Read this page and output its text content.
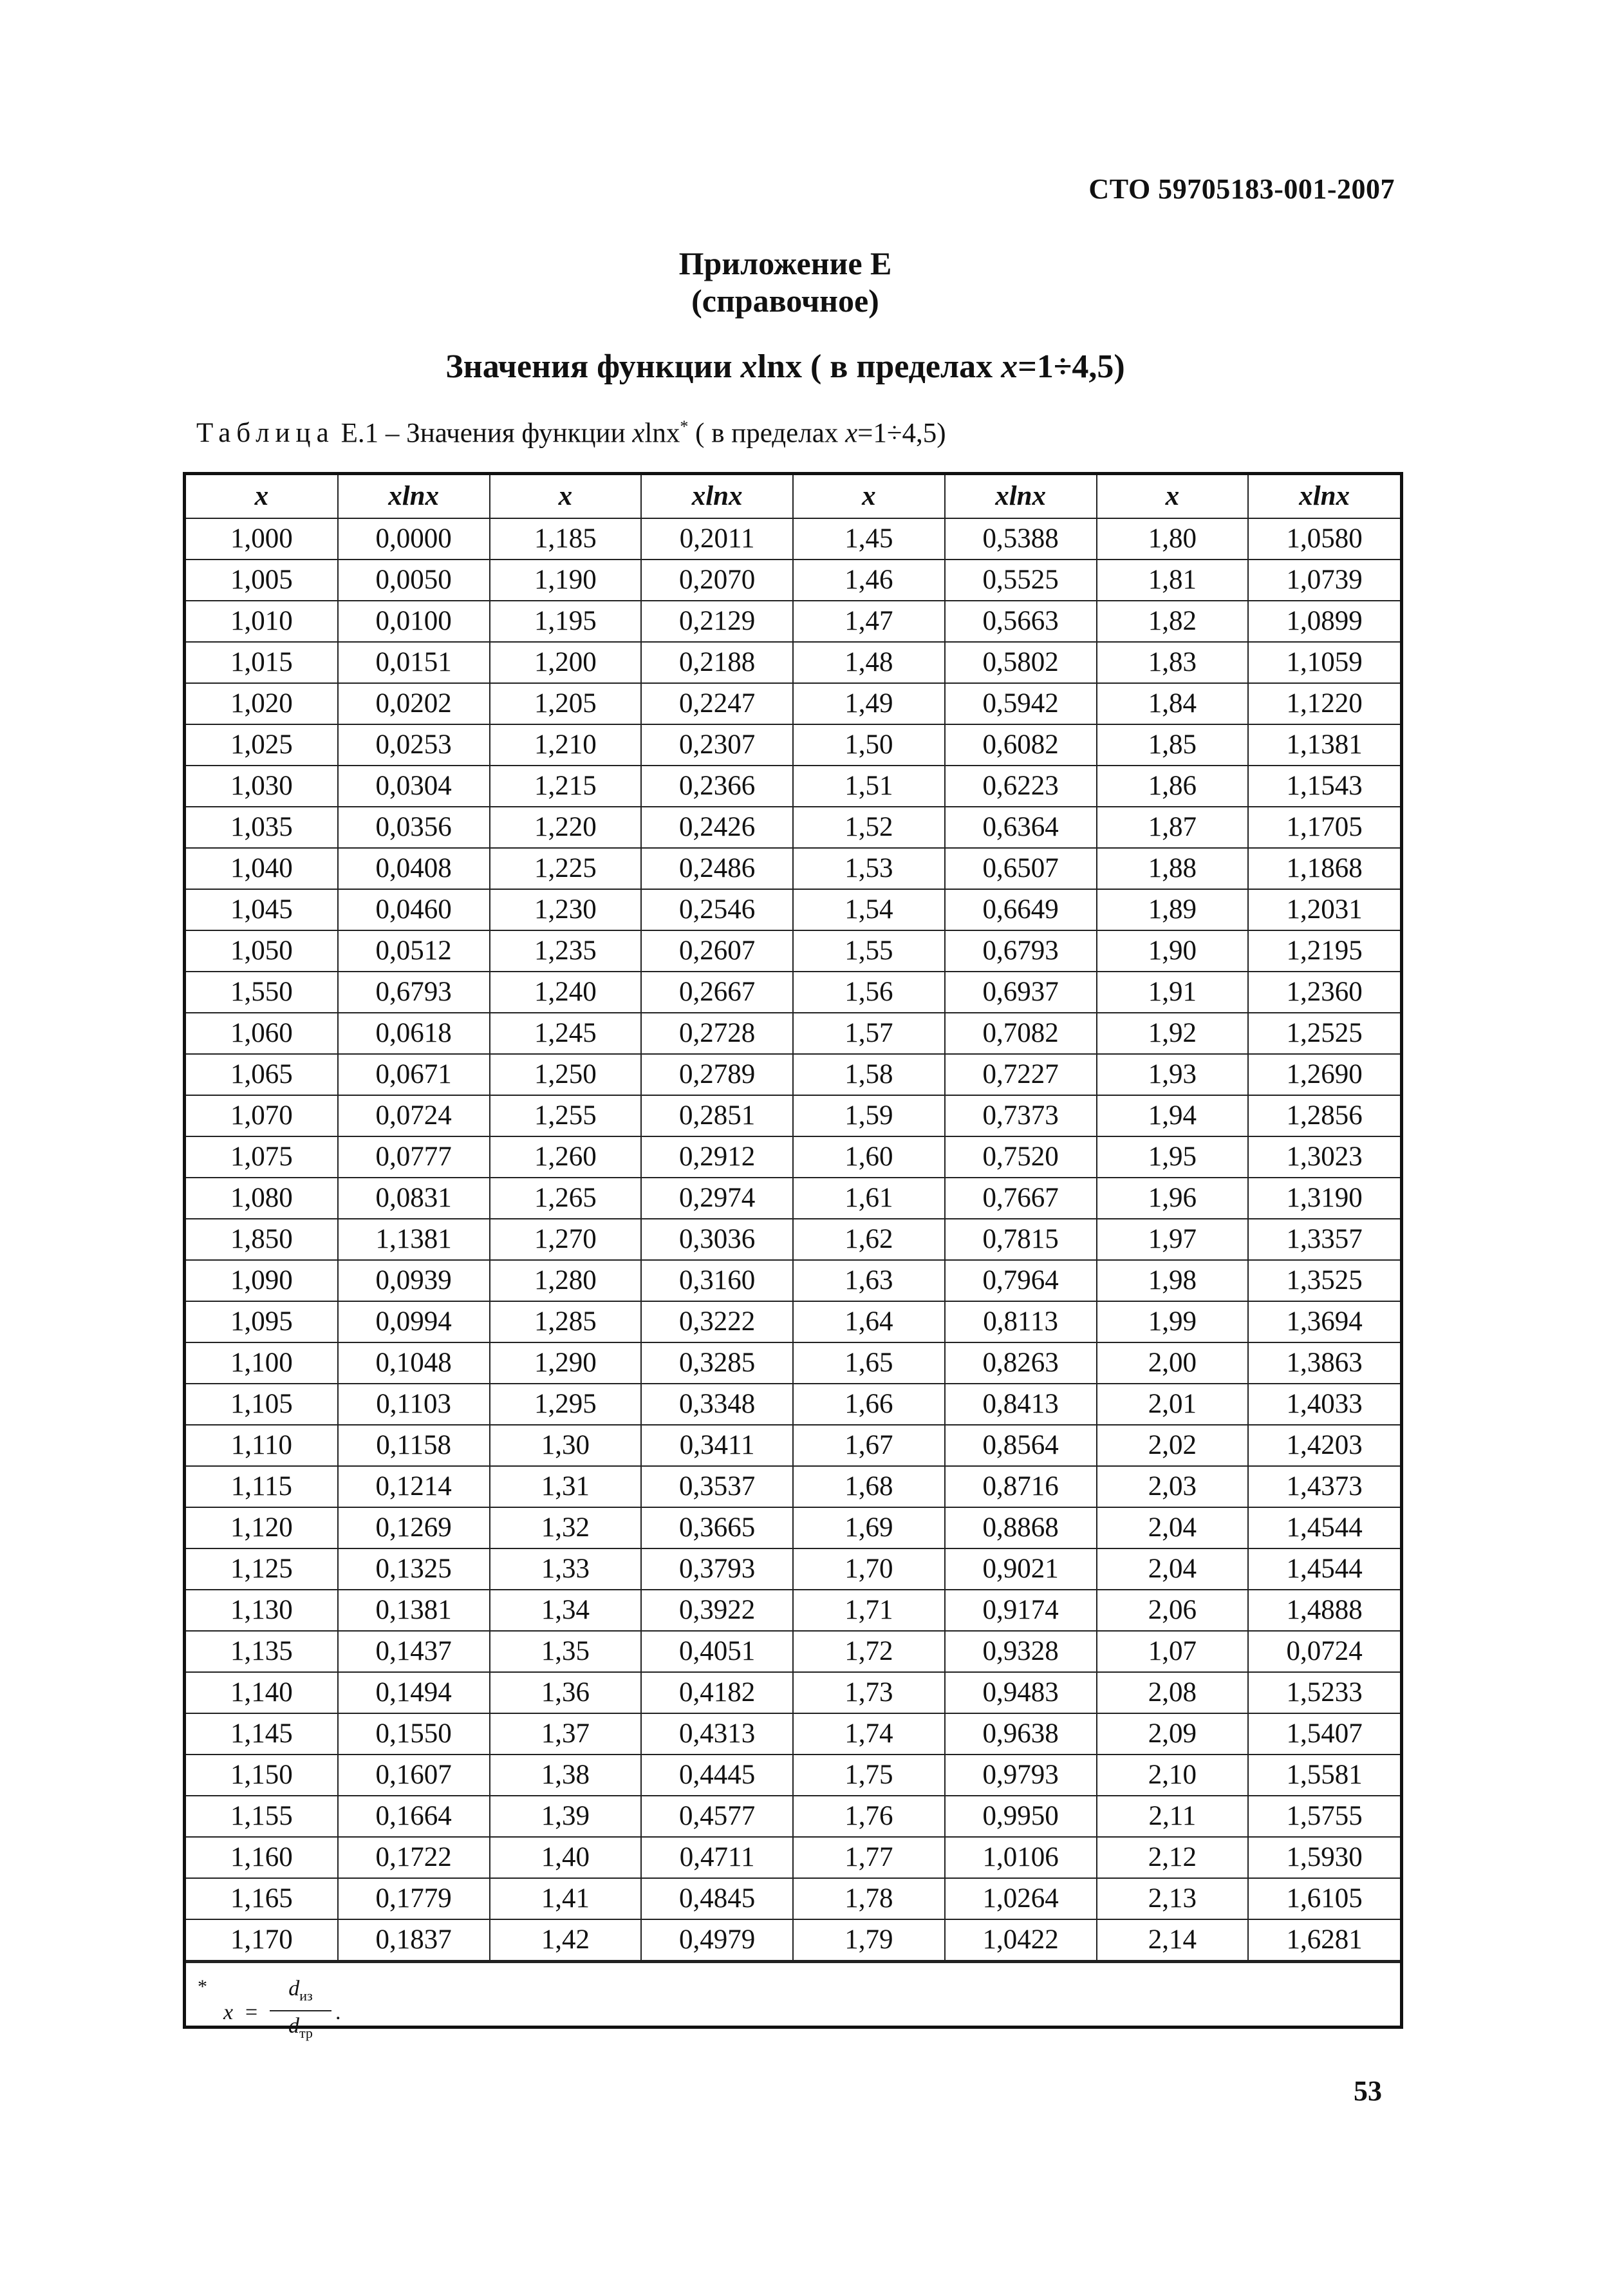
СТО 59705183-001-2007
Приложение Е
(справочное)
Значения функции xlnx ( в пределах x=1÷4,5)
Таблица Е.1 – Значения функции xlnx* ( в пределах x=1÷4,5)
x	xlnx	x	xlnx	x	xlnx	x	xlnx
1,000	0,0000	1,185	0,2011	1,45	0,5388	1,80	1,0580
1,005	0,0050	1,190	0,2070	1,46	0,5525	1,81	1,0739
1,010	0,0100	1,195	0,2129	1,47	0,5663	1,82	1,0899
1,015	0,0151	1,200	0,2188	1,48	0,5802	1,83	1,1059
1,020	0,0202	1,205	0,2247	1,49	0,5942	1,84	1,1220
1,025	0,0253	1,210	0,2307	1,50	0,6082	1,85	1,1381
1,030	0,0304	1,215	0,2366	1,51	0,6223	1,86	1,1543
1,035	0,0356	1,220	0,2426	1,52	0,6364	1,87	1,1705
1,040	0,0408	1,225	0,2486	1,53	0,6507	1,88	1,1868
1,045	0,0460	1,230	0,2546	1,54	0,6649	1,89	1,2031
1,050	0,0512	1,235	0,2607	1,55	0,6793	1,90	1,2195
1,550	0,6793	1,240	0,2667	1,56	0,6937	1,91	1,2360
1,060	0,0618	1,245	0,2728	1,57	0,7082	1,92	1,2525
1,065	0,0671	1,250	0,2789	1,58	0,7227	1,93	1,2690
1,070	0,0724	1,255	0,2851	1,59	0,7373	1,94	1,2856
1,075	0,0777	1,260	0,2912	1,60	0,7520	1,95	1,3023
1,080	0,0831	1,265	0,2974	1,61	0,7667	1,96	1,3190
1,850	1,1381	1,270	0,3036	1,62	0,7815	1,97	1,3357
1,090	0,0939	1,280	0,3160	1,63	0,7964	1,98	1,3525
1,095	0,0994	1,285	0,3222	1,64	0,8113	1,99	1,3694
1,100	0,1048	1,290	0,3285	1,65	0,8263	2,00	1,3863
1,105	0,1103	1,295	0,3348	1,66	0,8413	2,01	1,4033
1,110	0,1158	1,30	0,3411	1,67	0,8564	2,02	1,4203
1,115	0,1214	1,31	0,3537	1,68	0,8716	2,03	1,4373
1,120	0,1269	1,32	0,3665	1,69	0,8868	2,04	1,4544
1,125	0,1325	1,33	0,3793	1,70	0,9021	2,04	1,4544
1,130	0,1381	1,34	0,3922	1,71	0,9174	2,06	1,4888
1,135	0,1437	1,35	0,4051	1,72	0,9328	1,07	0,0724
1,140	0,1494	1,36	0,4182	1,73	0,9483	2,08	1,5233
1,145	0,1550	1,37	0,4313	1,74	0,9638	2,09	1,5407
1,150	0,1607	1,38	0,4445	1,75	0,9793	2,10	1,5581
1,155	0,1664	1,39	0,4577	1,76	0,9950	2,11	1,5755
1,160	0,1722	1,40	0,4711	1,77	1,0106	2,12	1,5930
1,165	0,1779	1,41	0,4845	1,78	1,0264	2,13	1,6105
1,170	0,1837	1,42	0,4979	1,79	1,0422	2,14	1,6281
*
x =
$d_{из}$
$d_{тр}$
.
53
